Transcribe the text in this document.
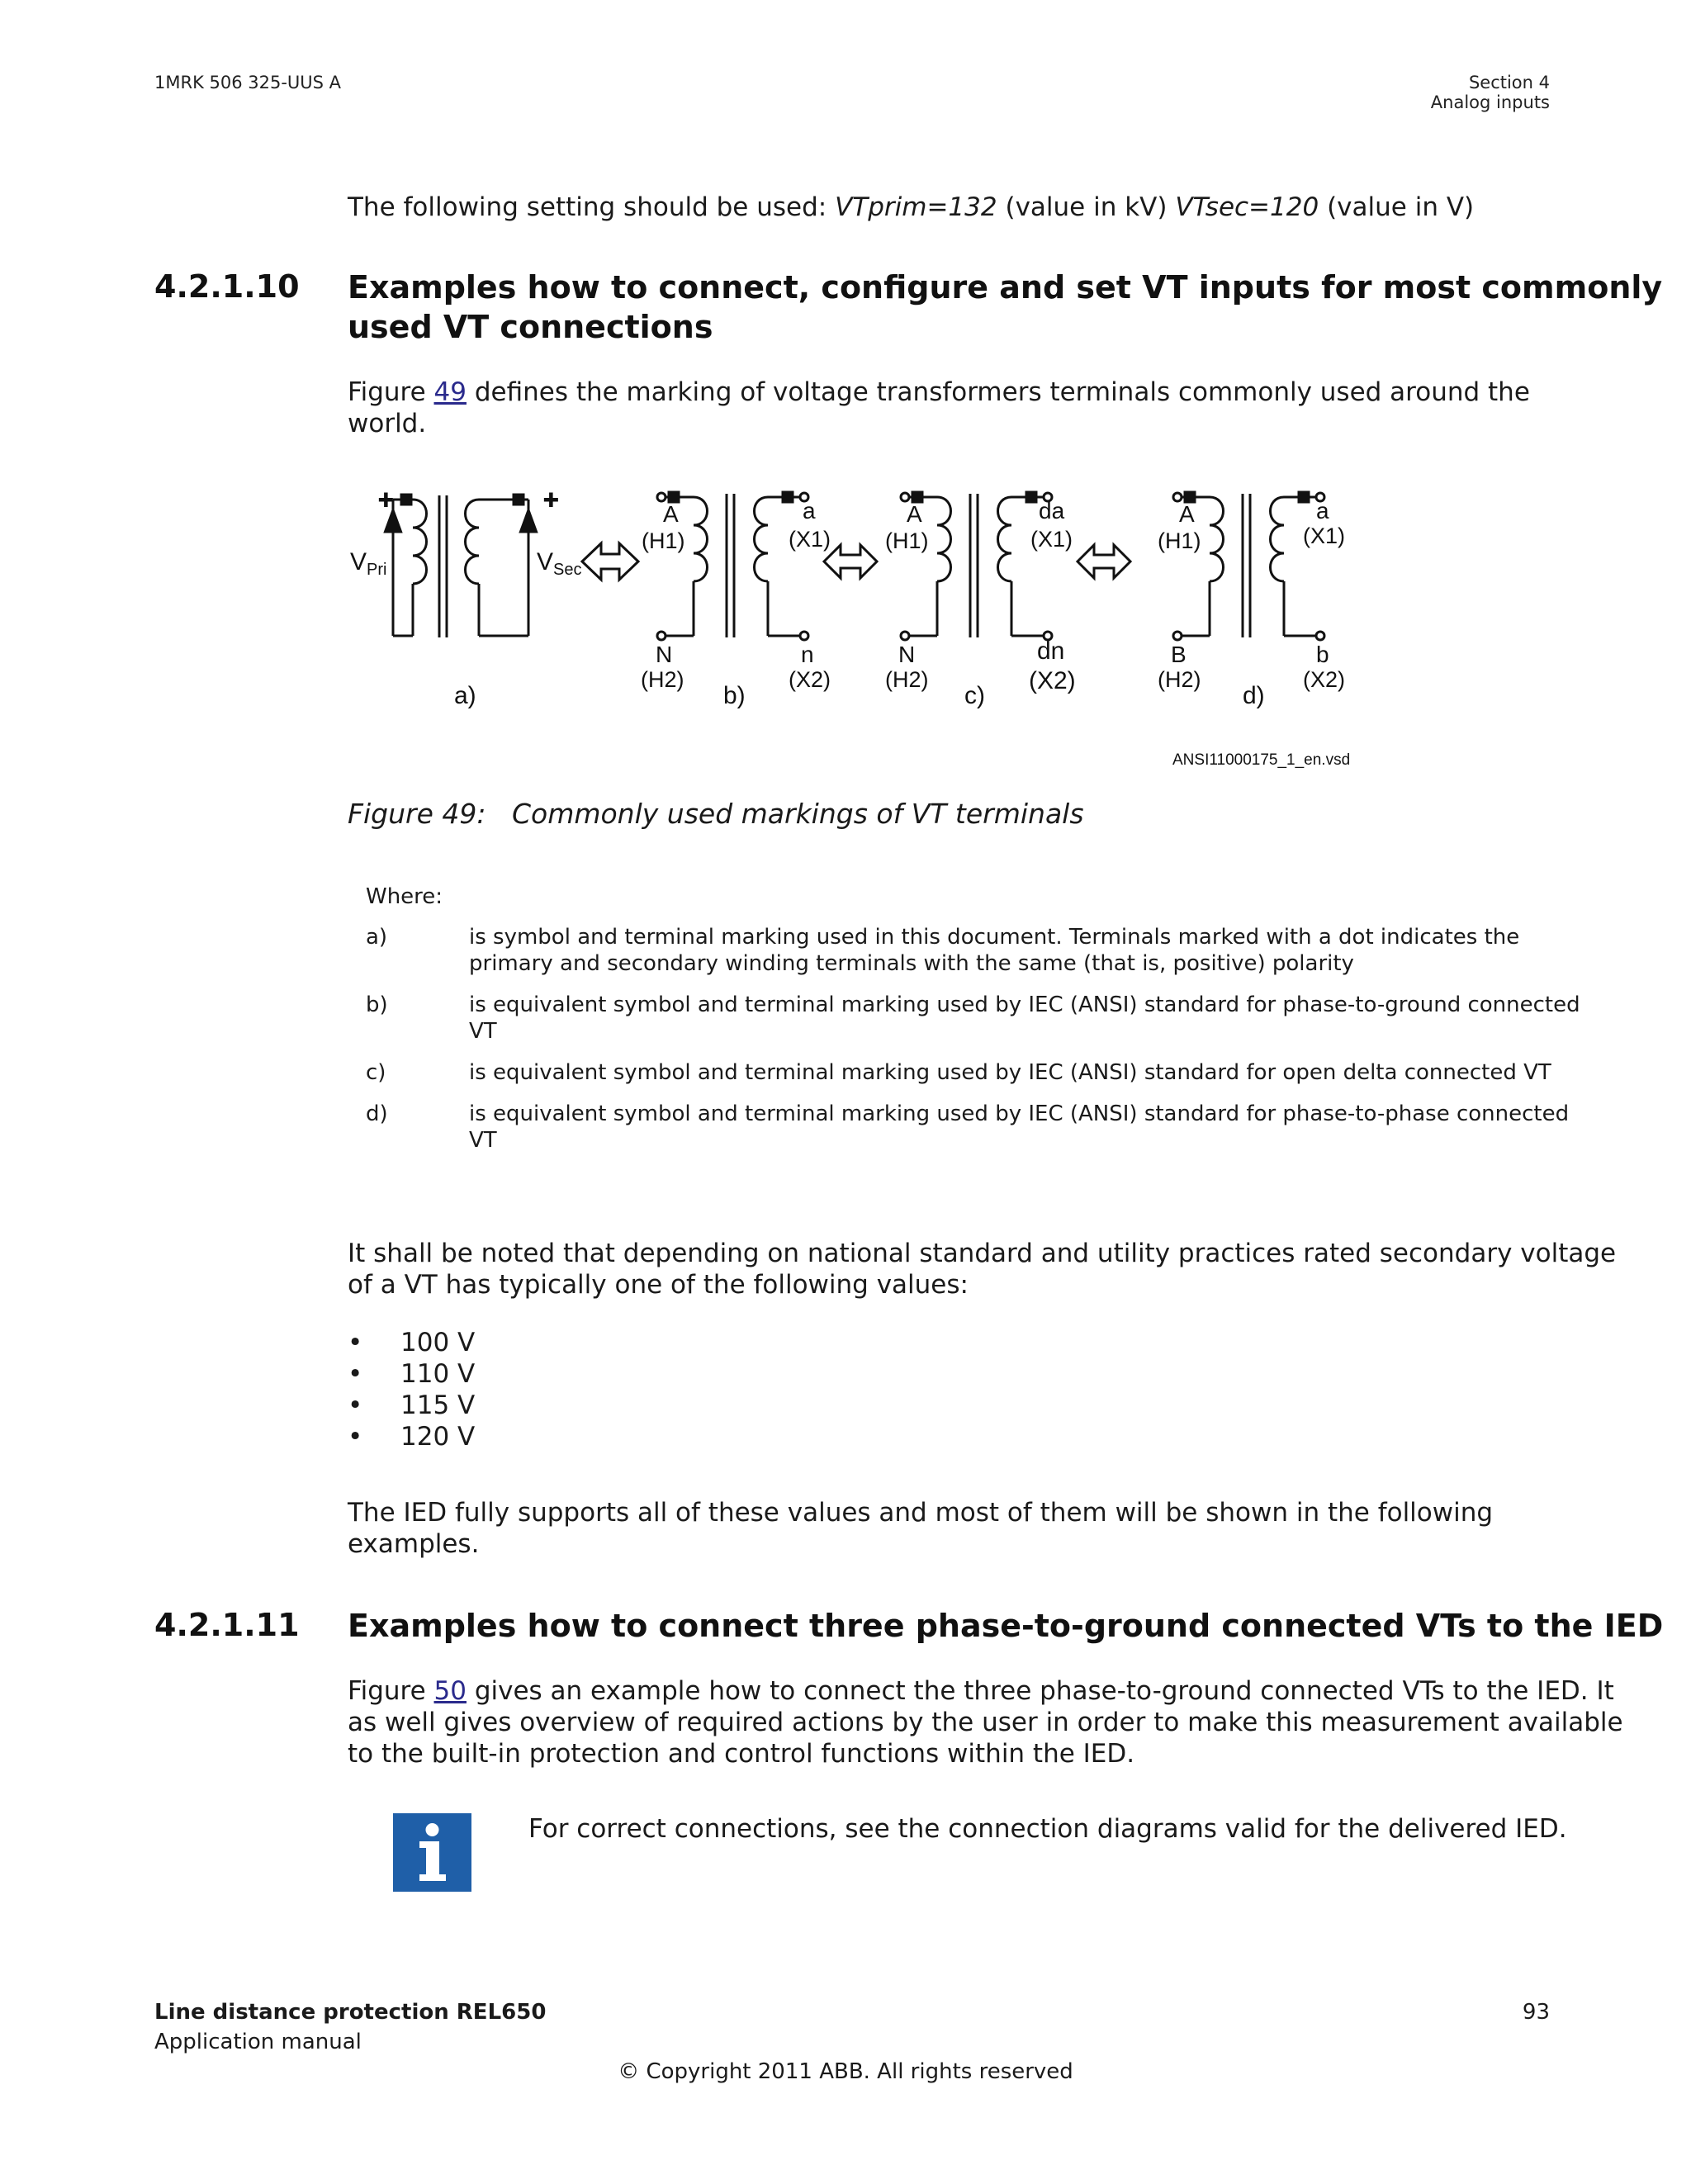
1MRK 506 325-UUS A	Section 4
Analog inputs
The following setting should be used: VTprim=132 (value in kV) VTsec=120 (value in V)
4.2.1.10 Examples how to connect, configure and set VT inputs for most commonly
used VT connections
Figure 49 defines the marking of voltage transformers terminals commonly used around the
world.
+	+
$V_{Pri}$	$V_{Sec}$
A
(H1)
a
(X1)
N
(H2)
n
(X2)
A
(H1)
da
(X1)
N
(H2)
dn
(X2)
A
(H1)
a
(X1)
B
(H2)
b
(X2)
a)	b)	c)	d)
ANSI11000175_1_en.vsd
Figure 49: Commonly used markings of VT terminals
Where:
a)	is symbol and terminal marking used in this document. Terminals marked with a dot indicates the
primary and secondary winding terminals with the same (that is, positive) polarity
b)	is equivalent symbol and terminal marking used by IEC (ANSI) standard for phase-to-ground connected
VT
c)	is equivalent symbol and terminal marking used by IEC (ANSI) standard for open delta connected VT
d)	is equivalent symbol and terminal marking used by IEC (ANSI) standard for phase-to-phase connected
VT
It shall be noted that depending on national standard and utility practices rated secondary voltage
of a VT has typically one of the following values:
• 100 V
• 110 V
• 115 V
• 120 V
The IED fully supports all of these values and most of them will be shown in the following
examples.
4.2.1.11 Examples how to connect three phase-to-ground connected VTs to the IED
Figure 50 gives an example how to connect the three phase-to-ground connected VTs to the IED. It
as well gives overview of required actions by the user in order to make this measurement available
to the built-in protection and control functions within the IED.
For correct connections, see the connection diagrams valid for the delivered IED.
Line distance protection REL650
Application manual
93
© Copyright 2011 ABB. All rights reserved
